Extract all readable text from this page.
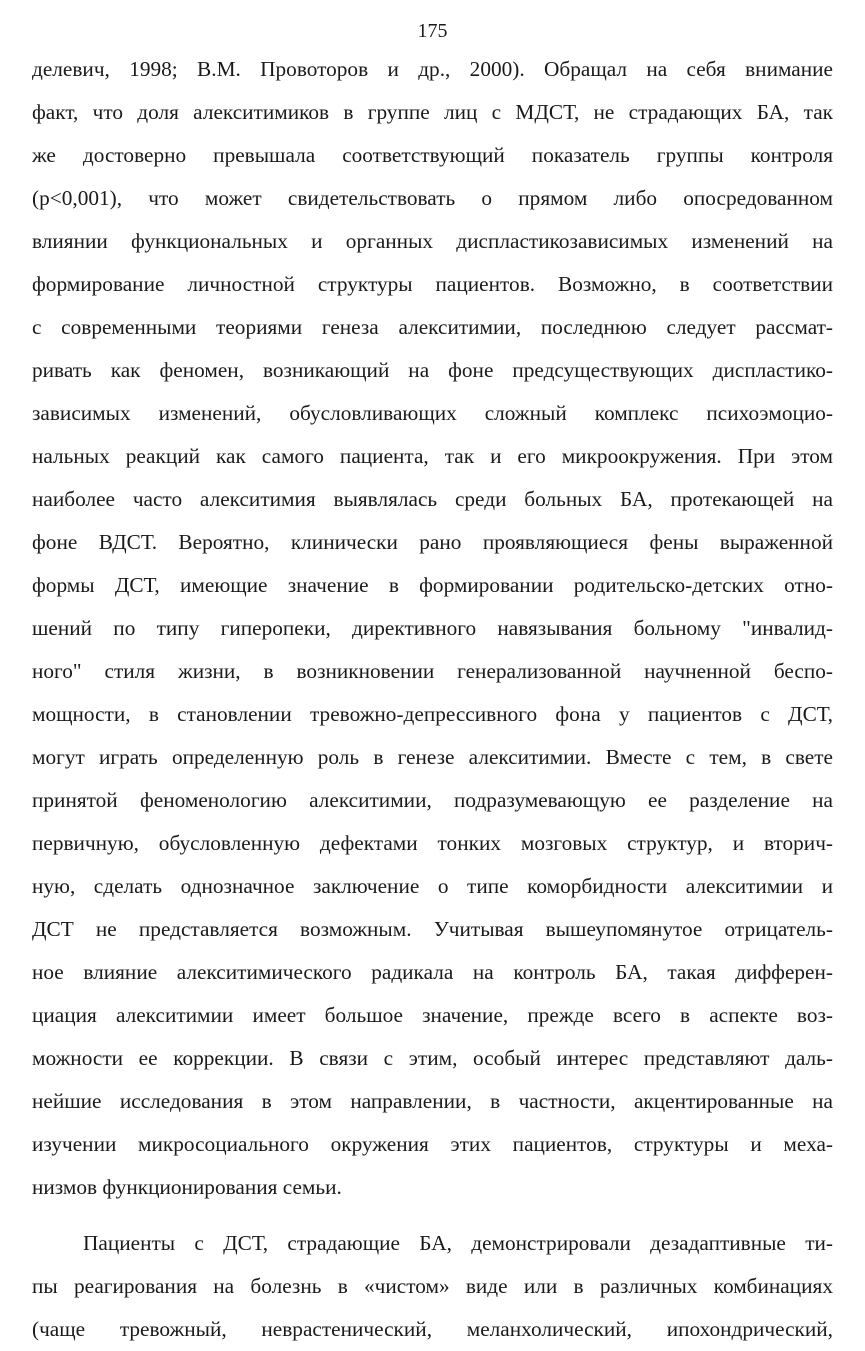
175
делевич, 1998; В.М. Провоторов и др., 2000). Обращал на себя внимание
факт, что доля алекситимиков в группе лиц с МДСТ, не страдающих БА, так
же достоверно превышала соответствующий показатель группы контроля
(р<0,001), что может свидетельствовать о прямом либо опосредованном
влиянии функциональных и органных диспластикозависимых изменений на
формирование личностной структуры пациентов. Возможно, в соответствии
с современными теориями генеза алекситимии, последнюю следует рассмат-
ривать как феномен, возникающий на фоне предсуществующих диспластико-
зависимых изменений, обусловливающих сложный комплекс психоэмоцио-
нальных реакций как самого пациента, так и его микроокружения. При этом
наиболее часто алекситимия выявлялась среди больных БА, протекающей на
фоне ВДСТ. Вероятно, клинически рано проявляющиеся фены выраженной
формы ДСТ, имеющие значение в формировании родительско-детских отно-
шений по типу гиперопеки, директивного навязывания больному "инвалид-
ного" стиля жизни, в возникновении генерализованной научненной беспо-
мощности, в становлении тревожно-депрессивного фона у пациентов с ДСТ,
могут играть определенную роль в генезе алекситимии. Вместе с тем, в свете
принятой феноменологию алекситимии, подразумевающую ее разделение на
первичную, обусловленную дефектами тонких мозговых структур, и вторич-
ную, сделать однозначное заключение о типе коморбидности алекситимии и
ДСТ не представляется возможным. Учитывая вышеупомянутое отрицатель-
ное влияние алекситимического радикала на контроль БА, такая дифферен-
циация алекситимии имеет большое значение, прежде всего в аспекте воз-
можности ее коррекции. В связи с этим, особый интерес представляют даль-
нейшие исследования в этом направлении, в частности, акцентированные на
изучении микросоциального окружения этих пациентов, структуры и меха-
низмов функционирования семьи.
Пациенты с ДСТ, страдающие БА, демонстрировали дезадаптивные ти-
пы реагирования на болезнь в «чистом» виде или в различных комбинациях
(чаще тревожный, неврастенический, меланхолический, ипохондрический,
